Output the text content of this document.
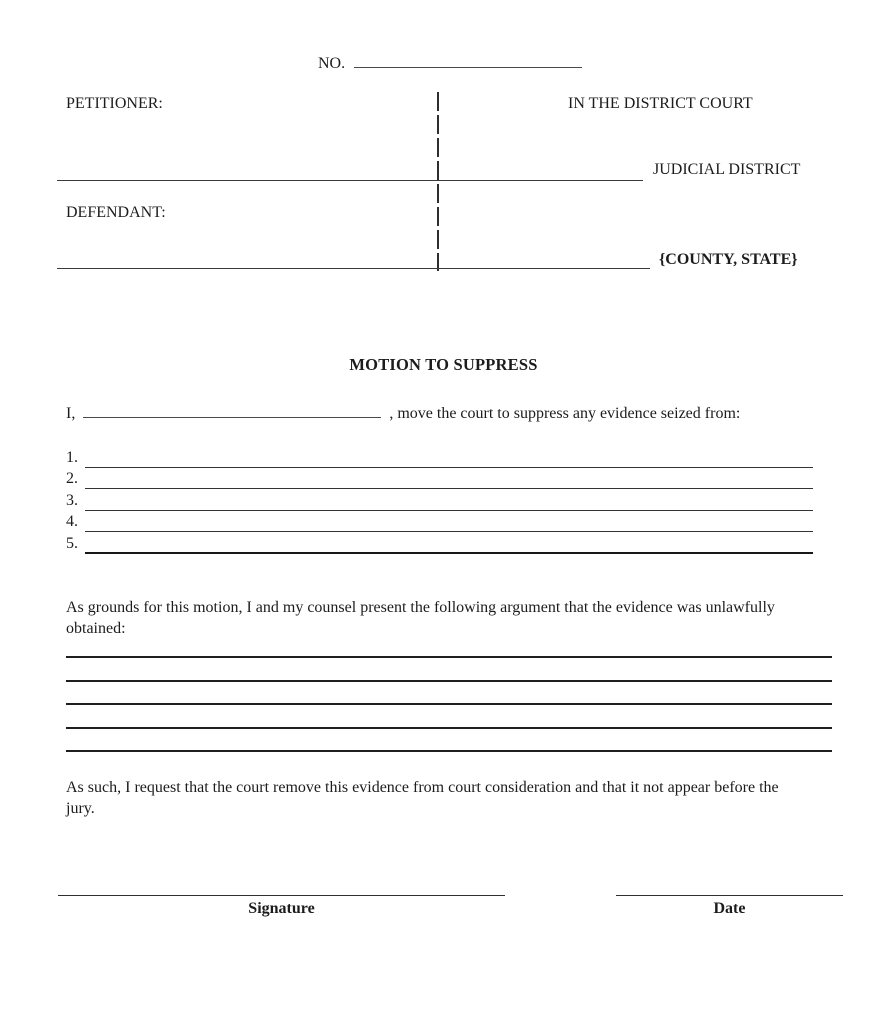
NO.
PETITIONER:	IN THE DISTRICT COURT
JUDICIAL DISTRICT
DEFENDANT:
{COUNTY, STATE}
MOTION TO SUPPRESS
I,	, move the court to suppress any evidence seized from:
1.
2.
3.
4.
5.
As grounds for this motion, I and my counsel present the following argument that the evidence was unlawfully obtained:
As such, I request that the court remove this evidence from court consideration and that it not appear before the jury.
Signature	Date
